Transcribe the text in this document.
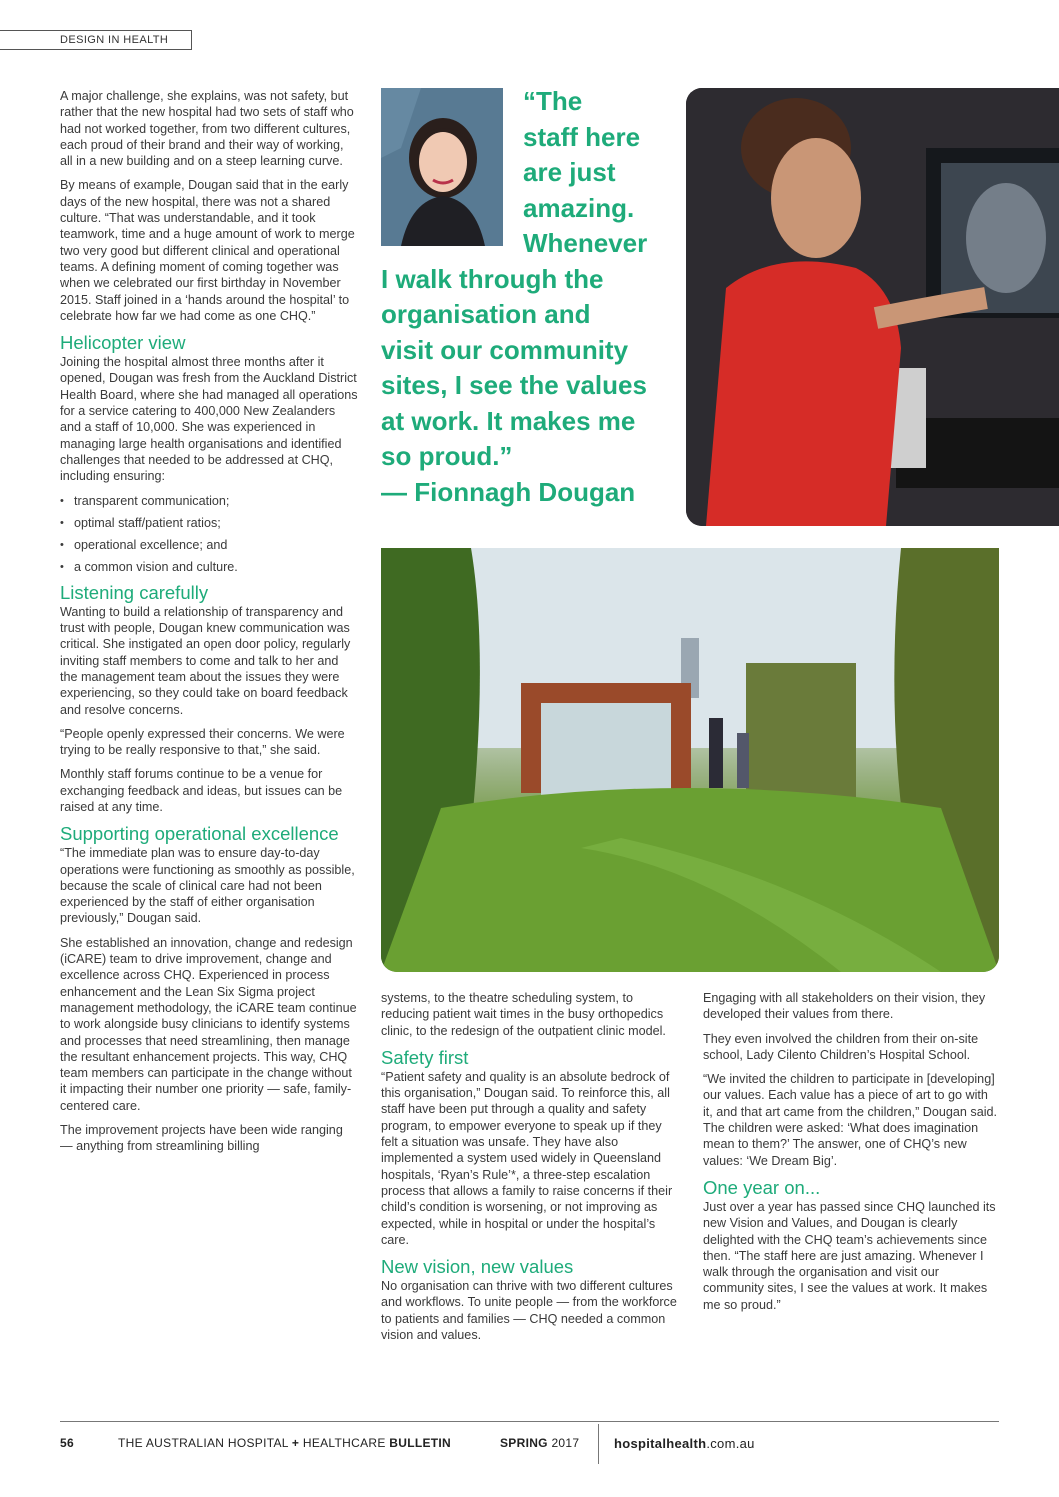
DESIGN IN HEALTH

A major challenge, she explains, was not safety, but rather that the new hospital had two sets of staff who had not worked together, from two different cultures, each proud of their brand and their way of working, all in a new building and on a steep learning curve.

By means of example, Dougan said that in the early days of the new hospital, there was not a shared culture. “That was understandable, and it took teamwork, time and a huge amount of work to merge two very good but different clinical and operational teams. A defining moment of coming together was when we celebrated our first birthday in November 2015. Staff joined in a ‘hands around the hospital’ to celebrate how far we had come as one CHQ.”

Helicopter view

Joining the hospital almost three months after it opened, Dougan was fresh from the Auckland District Health Board, where she had managed all operations for a service catering to 400,000 New Zealanders and a staff of 10,000. She was experienced in managing large health organisations and identified challenges that needed to be addressed at CHQ, including ensuring:

• transparent communication;
• optimal staff/patient ratios;
• operational excellence; and
• a common vision and culture.
Listening carefully

Wanting to build a relationship of transparency and trust with people, Dougan knew communication was critical. She instigated an open door policy, regularly inviting staff members to come and talk to her and the management team about the issues they were experiencing, so they could take on board feedback and resolve concerns.

“People openly expressed their concerns. We were trying to be really responsive to that,” she said.

Monthly staff forums continue to be a venue for exchanging feedback and ideas, but issues can be raised at any time.

Supporting operational excellence

“The immediate plan was to ensure day-to-day operations were functioning as smoothly as possible, because the scale of clinical care had not been experienced by the staff of either organisation previously,” Dougan said.

She established an innovation, change and redesign (iCARE) team to drive improvement, change and excellence across CHQ. Experienced in process enhancement and the Lean Six Sigma project management methodology, the iCARE team continue to work alongside busy clinicians to identify systems and processes that need streamlining, then manage the resultant enhancement projects. This way, CHQ team members can participate in the change without it impacting their number one priority — safe, family-centered care.

The improvement projects have been wide ranging — anything from streamlining billing

“The
staff here
are just
amazing.
Whenever
I walk through the
organisation and
visit our community
sites, I see the values
at work. It makes me
so proud.”
— Fionnagh Dougan

systems, to the theatre scheduling system, to reducing patient wait times in the busy orthopedics clinic, to the redesign of the outpatient clinic model.

Safety first

“Patient safety and quality is an absolute bedrock of this organisation,” Dougan said. To reinforce this, all staff have been put through a quality and safety program, to empower everyone to speak up if they felt a situation was unsafe. They have also implemented a system used widely in Queensland hospitals, ‘Ryan’s Rule’*, a three-step escalation process that allows a family to raise concerns if their child’s condition is worsening, or not improving as expected, while in hospital or under the hospital’s care.

New vision, new values

No organisation can thrive with two different cultures and workflows. To unite people — from the workforce to patients and families — CHQ needed a common vision and values.

Engaging with all stakeholders on their vision, they developed their values from there.

They even involved the children from their on-site school, Lady Cilento Children’s Hospital School.

“We invited the children to participate in [developing] our values. Each value has a piece of art to go with it, and that art came from the children,” Dougan said. The children were asked: ‘What does imagination mean to them?’ The answer, one of CHQ’s new values: ‘We Dream Big’.

One year on...

Just over a year has passed since CHQ launched its new Vision and Values, and Dougan is clearly delighted with the CHQ team’s achievements since then. “The staff here are just amazing. Whenever I walk through the organisation and visit our community sites, I see the values at work. It makes me so proud.”

56	THE AUSTRALIAN HOSPITAL + HEALTHCARE BULLETIN	SPRING 2017	hospitalhealth.com.au
